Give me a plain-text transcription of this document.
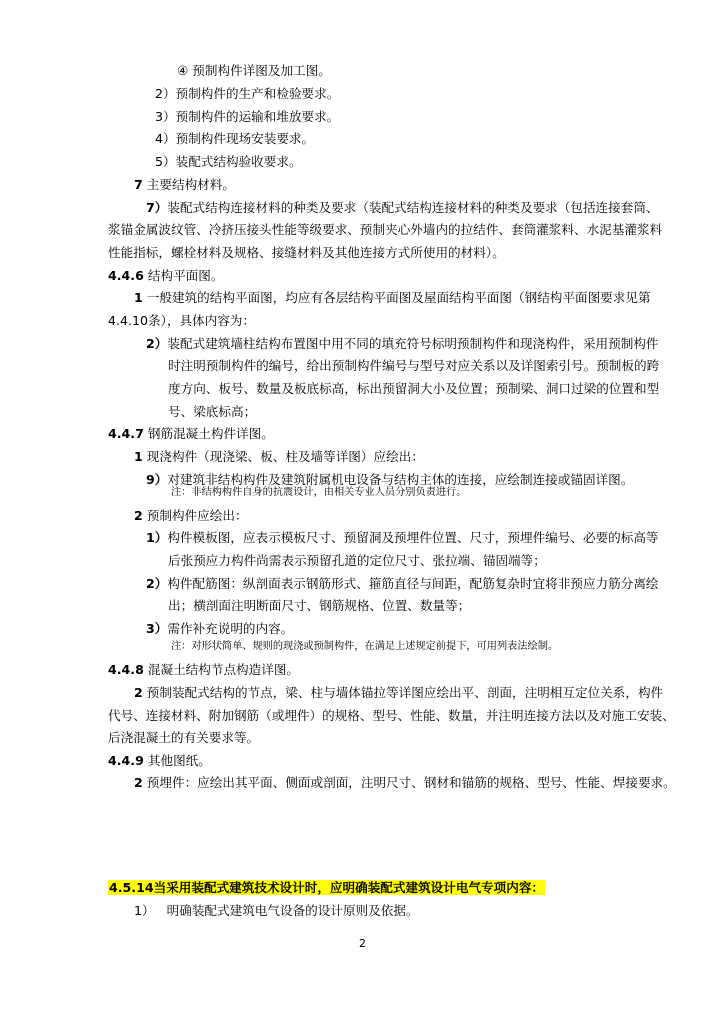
④ 预制构件详图及加工图。
2）预制构件的生产和检验要求。
3）预制构件的运输和堆放要求。
4）预制构件现场安装要求。
5）装配式结构验收要求。
7 主要结构材料。
7）装配式结构连接材料的种类及要求（装配式结构连接材料的种类及要求（包括连接套筒、
浆锚金属波纹管、冷挤压接头性能等级要求、预制夹心外墙内的拉结件、套筒灌浆料、水泥基灌浆料
性能指标，螺栓材料及规格、接缝材料及其他连接方式所使用的材料）。
4.4.6 结构平面图。
1 一般建筑的结构平面图，均应有各层结构平面图及屋面结构平面图（钢结构平面图要求见第
4.4.10条），具体内容为：
2）装配式建筑墙柱结构布置图中用不同的填充符号标明预制构件和现浇构件，采用预制构件
时注明预制构件的编号，给出预制构件编号与型号对应关系以及详图索引号。预制板的跨
度方向、板号、数量及板底标高，标出预留洞大小及位置；预制梁、洞口过梁的位置和型
号、梁底标高；
4.4.7 钢筋混凝土构件详图。
1 现浇构件（现浇梁、板、柱及墙等详图）应绘出：
9）对建筑非结构构件及建筑附属机电设备与结构主体的连接，应绘制连接或锚固详图。
注：非结构构件自身的抗震设计，由相关专业人员分别负责进行。
2 预制构件应绘出：
1）构件模板图，应表示模板尺寸、预留洞及预埋件位置、尺寸，预埋件编号、必要的标高等
后张预应力构件尚需表示预留孔道的定位尺寸、张拉端、锚固端等；
2）构件配筋图：纵剖面表示钢筋形式、箍筋直径与间距，配筋复杂时宜将非预应力筋分离绘
出；横剖面注明断面尺寸、钢筋规格、位置、数量等；
3）需作补充说明的内容。
注：对形状简单、规则的现浇或预制构件，在满足上述规定前提下，可用列表法绘制。
4.4.8 混凝土结构节点构造详图。
2 预制装配式结构的节点，梁、柱与墙体锚拉等详图应绘出平、剖面，注明相互定位关系，构件
代号、连接材料、附加钢筋（或埋件）的规格、型号、性能、数量，并注明连接方法以及对施工安装、
后浇混凝土的有关要求等。
4.4.9 其他图纸。
2 预埋件：应绘出其平面、侧面或剖面，注明尺寸、钢材和锚筋的规格、型号、性能、焊接要求。
4.5.14当采用装配式建筑技术设计时，应明确装配式建筑设计电气专项内容：
1） 明确装配式建筑电气设备的设计原则及依据。
2
